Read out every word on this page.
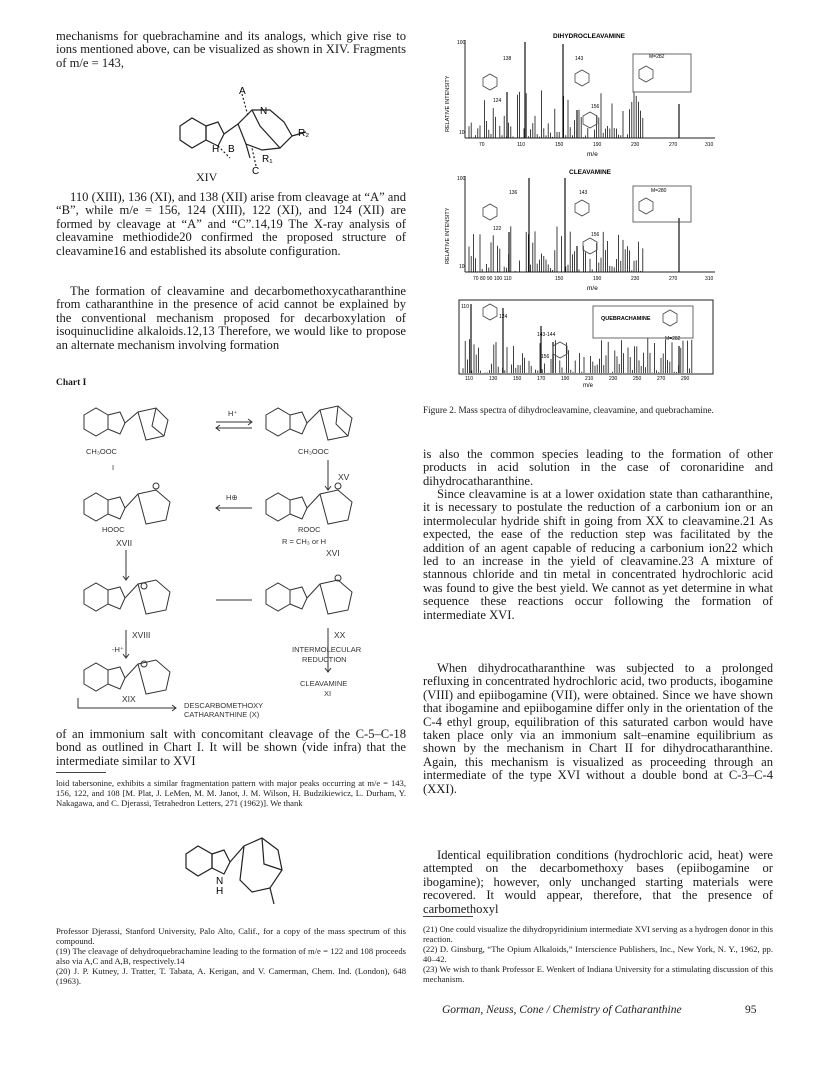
mechanisms for quebrachamine and its analogs, which give rise to ions mentioned above, can be visualized as shown in XIV. Fragments of m/e = 143,

A
N
H B
R₂
R₁
C
XIV

110 (XIII), 136 (XI), and 138 (XII) arise from cleavage at “A” and “B”, while m/e = 156, 124 (XIII), 122 (XI), and 124 (XII) are formed by cleavage at “A” and “C”.14,19 The X-ray analysis of cleavamine methiodide20 confirmed the proposed structure of cleavamine16 and established its absolute configuration.

The formation of cleavamine and decarbomethoxycatharanthine from catharanthine in the presence of acid cannot be explained by the conventional mechanism proposed for decarboxylation of isoquinuclidine alkaloids.12,13 Therefore, we would like to propose an alternate mechanism involving formation

Chart I
H⁺
CH₃OOC
I
CH₃OOC
XV
H⊕
HOOC	ROOC
R = CH₃ or H
XVII
XVI
XVIII
-H⁺
XX
INTERMOLECULAR
REDUCTION
CLEAVAMINE
XI
XIX
DESCARBOMETHOXY
CATHARANTHINE (X)

of an immonium salt with concomitant cleavage of the C-5–C-18 bond as outlined in Chart I. It will be shown (vide infra) that the intermediate similar to XVI

loid tabersonine, exhibits a similar fragmentation pattern with major peaks occurring at m/e = 143, 156, 122, and 108 [M. Plat, J. LeMen, M. M. Janot, J. M. Wilson, H. Budzikiewicz, L. Durham, Y. Nakagawa, and C. Djerassi, Tetrahedron Letters, 271 (1962)]. We thank

N
H

Professor Djerassi, Stanford University, Palo Alto, Calif., for a copy of the mass spectrum of this compound.

(19) The cleavage of dehydroquebrachamine leading to the formation of m/e = 122 and 108 proceeds also via A,C and A,B, respectively.14

(20) J. P. Kutney, J. Tratter, T. Tabata, A. Kerigan, and V. Camerman, Chem. Ind. (London), 648 (1963).

DIHYDROCLEAVAMINE
RELATIVE INTENSITY
100
10
70	110	150	190	230	270	310
m/e
138	143
124
156
M=282
CLEAVAMINE
RELATIVE INTENSITY
100
10
70 80 90 100 110	150	190	230	270	310
m/e
136	143
122
156
M=280
110
124
143-144
156
QUEBRACHAMINE
M=282
110	130	150	170	190	210	230	250	270	290
m/e
Figure 2. Mass spectra of dihydrocleavamine, cleavamine, and quebrachamine.

is also the common species leading to the formation of other products in acid solution in the case of coronaridine and dihydrocatharanthine.

Since cleavamine is at a lower oxidation state than catharanthine, it is necessary to postulate the reduction of a carbonium ion or an intermolecular hydride shift in going from XX to cleavamine.21 As expected, the ease of the reduction step was facilitated by the addition of an agent capable of reducing a carbonium ion22 which led to an increase in the yield of cleavamine.23 A mixture of stannous chloride and tin metal in concentrated hydrochloric acid was found to give the best yield. We cannot as yet determine in what sequence these reactions occur following the formation of intermediate XVI.

When dihydrocatharanthine was subjected to a prolonged refluxing in concentrated hydrochloric acid, two products, ibogamine (VIII) and epiibogamine (VII), were obtained. Since we have shown that ibogamine and epiibogamine differ only in the orientation of the C-4 ethyl group, equilibration of this saturated carbon would have taken place only via an immonium salt–enamine equilibrium as shown by the mechanism in Chart II for dihydrocatharanthine. Again, this mechanism is visualized as proceeding through an intermediate of the type XVI without a double bond at C-3–C-4 (XXI).

Identical equilibration conditions (hydrochloric acid, heat) were attempted on the decarbomethoxy bases (epiibogamine or ibogamine); however, only unchanged starting materials were recovered. It would appear, therefore, that the presence of carbomethoxyl

(21) One could visualize the dihydropyridinium intermediate XVI serving as a hydrogen donor in this reaction.

(22) D. Ginsburg, “The Opium Alkaloids,” Interscience Publishers, Inc., New York, N. Y., 1962, pp. 40–42.

(23) We wish to thank Professor E. Wenkert of Indiana University for a stimulating discussion of this mechanism.

Gorman, Neuss, Cone / Chemistry of Catharanthine	95
